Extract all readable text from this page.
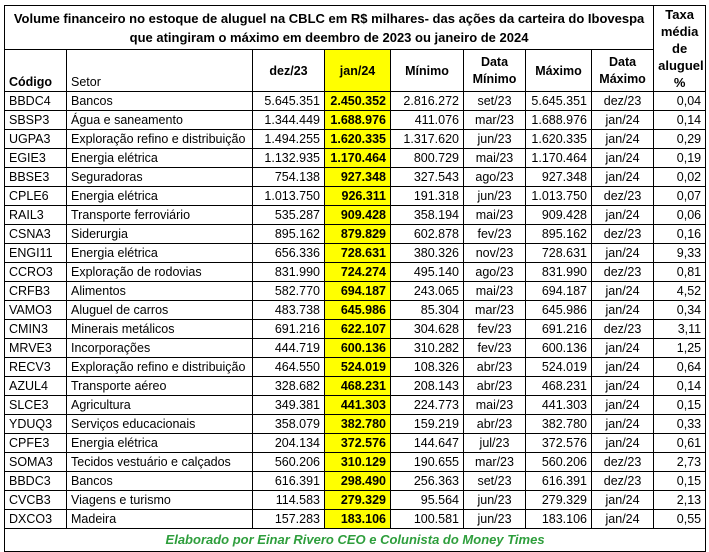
Volume financeiro no estoque de aluguel na CBLC em R$ milhares- das ações da carteira do Ibovespa que atingiram o máximo em deembro de 2023 ou janeiro de 2024								Taxa média de aluguel %
Código	Setor	dez/23	jan/24	Mínimo	Data Mínimo	Máximo	Data Máximo	
BBDC4	Bancos	5.645.351	2.450.352	2.816.272	set/23	5.645.351	dez/23	0,04
SBSP3	Água e saneamento	1.344.449	1.688.976	411.076	mar/23	1.688.976	jan/24	0,14
UGPA3	Exploração refino e distribuição	1.494.255	1.620.335	1.317.620	jun/23	1.620.335	jan/24	0,29
EGIE3	Energia elétrica	1.132.935	1.170.464	800.729	mai/23	1.170.464	jan/24	0,19
BBSE3	Seguradoras	754.138	927.348	327.543	ago/23	927.348	jan/24	0,02
CPLE6	Energia elétrica	1.013.750	926.311	191.318	jun/23	1.013.750	dez/23	0,07
RAIL3	Transporte ferroviário	535.287	909.428	358.194	mai/23	909.428	jan/24	0,06
CSNA3	Siderurgia	895.162	879.829	602.878	fev/23	895.162	dez/23	0,16
ENGI11	Energia elétrica	656.336	728.631	380.326	nov/23	728.631	jan/24	9,33
CCRO3	Exploração de rodovias	831.990	724.274	495.140	ago/23	831.990	dez/23	0,81
CRFB3	Alimentos	582.770	694.187	243.065	mai/23	694.187	jan/24	4,52
VAMO3	Aluguel de carros	483.738	645.986	85.304	mar/23	645.986	jan/24	0,34
CMIN3	Minerais metálicos	691.216	622.107	304.628	fev/23	691.216	dez/23	3,11
MRVE3	Incorporações	444.719	600.136	310.282	fev/23	600.136	jan/24	1,25
RECV3	Exploração refino e distribuição	464.550	524.019	108.326	abr/23	524.019	jan/24	0,64
AZUL4	Transporte aéreo	328.682	468.231	208.143	abr/23	468.231	jan/24	0,14
SLCE3	Agricultura	349.381	441.303	224.773	mai/23	441.303	jan/24	0,15
YDUQ3	Serviços educacionais	358.079	382.780	159.219	abr/23	382.780	jan/24	0,33
CPFE3	Energia elétrica	204.134	372.576	144.647	jul/23	372.576	jan/24	0,61
SOMA3	Tecidos vestuário e calçados	560.206	310.129	190.655	mar/23	560.206	dez/23	2,73
BBDC3	Bancos	616.391	298.490	256.363	set/23	616.391	dez/23	0,15
CVCB3	Viagens e turismo	114.583	279.329	95.564	jun/23	279.329	jan/24	2,13
DXCO3	Madeira	157.283	183.106	100.581	jun/23	183.106	jan/24	0,55
Elaborado por Einar Rivero CEO e Colunista do Money Times								
